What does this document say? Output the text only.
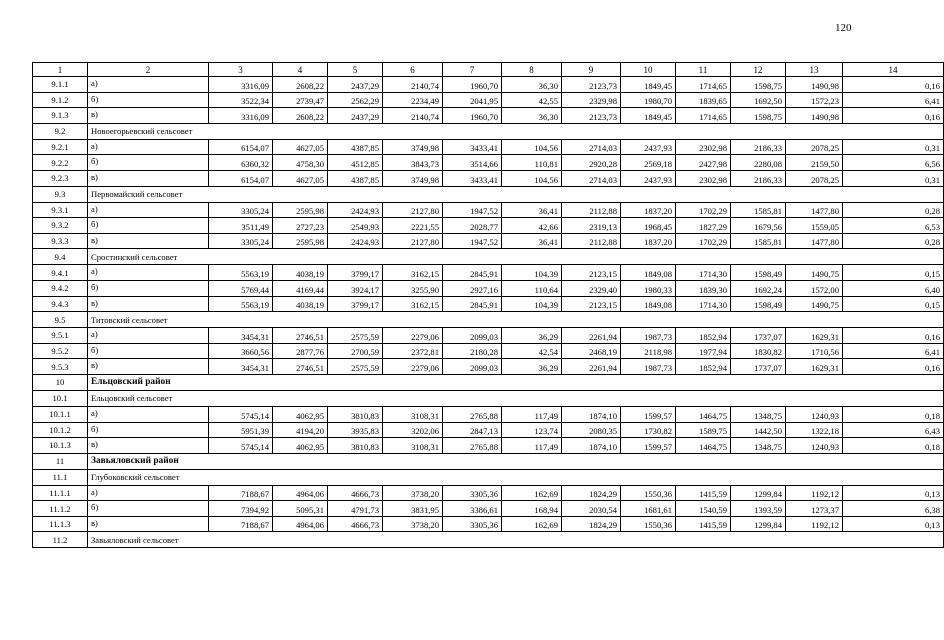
120
1	2	3	4	5	6	7	8	9	10	11	12	13	14
9.1.1	а)	3316,09	2608,22	2437,29	2140,74	1960,70	36,30	2123,73	1849,45	1714,65	1598,75	1490,98	0,16
9.1.2	б)	3522,34	2739,47	2562,29	2234,49	2041,95	42,55	2329,98	1980,70	1839,65	1692,50	1572,23	6,41
9.1.3	в)	3316,09	2608,22	2437,29	2140,74	1960,70	36,30	2123,73	1849,45	1714,65	1598,75	1490,98	0,16
9.2	Новоегорьевский сельсовет												
9.2.1	а)	6154,07	4627,05	4387,85	3749,98	3433,41	104,56	2714,03	2437,93	2302,98	2186,33	2078,25	0,31
9.2.2	б)	6360,32	4758,30	4512,85	3843,73	3514,66	110,81	2920,28	2569,18	2427,98	2280,08	2159,50	6,56
9.2.3	в)	6154,07	4627,05	4387,85	3749,98	3433,41	104,56	2714,03	2437,93	2302,98	2186,33	2078,25	0,31
9.3	Первомайский сельсовет												
9.3.1	а)	3305,24	2595,98	2424,93	2127,80	1947,52	36,41	2112,88	1837,20	1702,29	1585,81	1477,80	0,28
9.3.2	б)	3511,49	2727,23	2549,93	2221,55	2028,77	42,66	2319,13	1968,45	1827,29	1679,56	1559,05	6,53
9.3.3	в)	3305,24	2595,98	2424,93	2127,80	1947,52	36,41	2112,88	1837,20	1702,29	1585,81	1477,80	0,28
9.4	Сростинский сельсовет												
9.4.1	а)	5563,19	4038,19	3799,17	3162,15	2845,91	104,39	2123,15	1849,08	1714,30	1598,49	1490,75	0,15
9.4.2	б)	5769,44	4169,44	3924,17	3255,90	2927,16	110,64	2329,40	1980,33	1839,30	1692,24	1572,00	6,40
9.4.3	в)	5563,19	4038,19	3799,17	3162,15	2845,91	104,39	2123,15	1849,08	1714,30	1598,49	1490,75	0,15
9.5	Титовский сельсовет												
9.5.1	а)	3454,31	2746,51	2575,59	2279,06	2099,03	36,29	2261,94	1987,73	1852,94	1737,07	1629,31	0,16
9.5.2	б)	3660,56	2877,76	2700,59	2372,81	2180,28	42,54	2468,19	2118,98	1977,94	1830,82	1710,56	6,41
9.5.3	в)	3454,31	2746,51	2575,59	2279,06	2099,03	36,29	2261,94	1987,73	1852,94	1737,07	1629,31	0,16
10	Ельцовский район												
10.1	Ельцовский сельсовет												
10.1.1	а)	5745,14	4062,95	3810,83	3108,31	2765,88	117,49	1874,10	1599,57	1464,75	1348,75	1240,93	0,18
10.1.2	б)	5951,39	4194,20	3935,83	3202,06	2847,13	123,74	2080,35	1730,82	1589,75	1442,50	1322,18	6,43
10.1.3	в)	5745,14	4062,95	3810,83	3108,31	2765,88	117,49	1874,10	1599,57	1464,75	1348,75	1240,93	0,18
11	Завьяловский район												
11.1	Глубоковский сельсовет												
11.1.1	а)	7188,67	4964,06	4666,73	3738,20	3305,36	162,69	1824,29	1550,36	1415,59	1299,84	1192,12	0,13
11.1.2	б)	7394,92	5095,31	4791,73	3831,95	3386,61	168,94	2030,54	1681,61	1540,59	1393,59	1273,37	6,38
11.1.3	в)	7188,67	4964,06	4666,73	3738,20	3305,36	162,69	1824,29	1550,36	1415,59	1299,84	1192,12	0,13
11.2	Завьяловский сельсовет												
